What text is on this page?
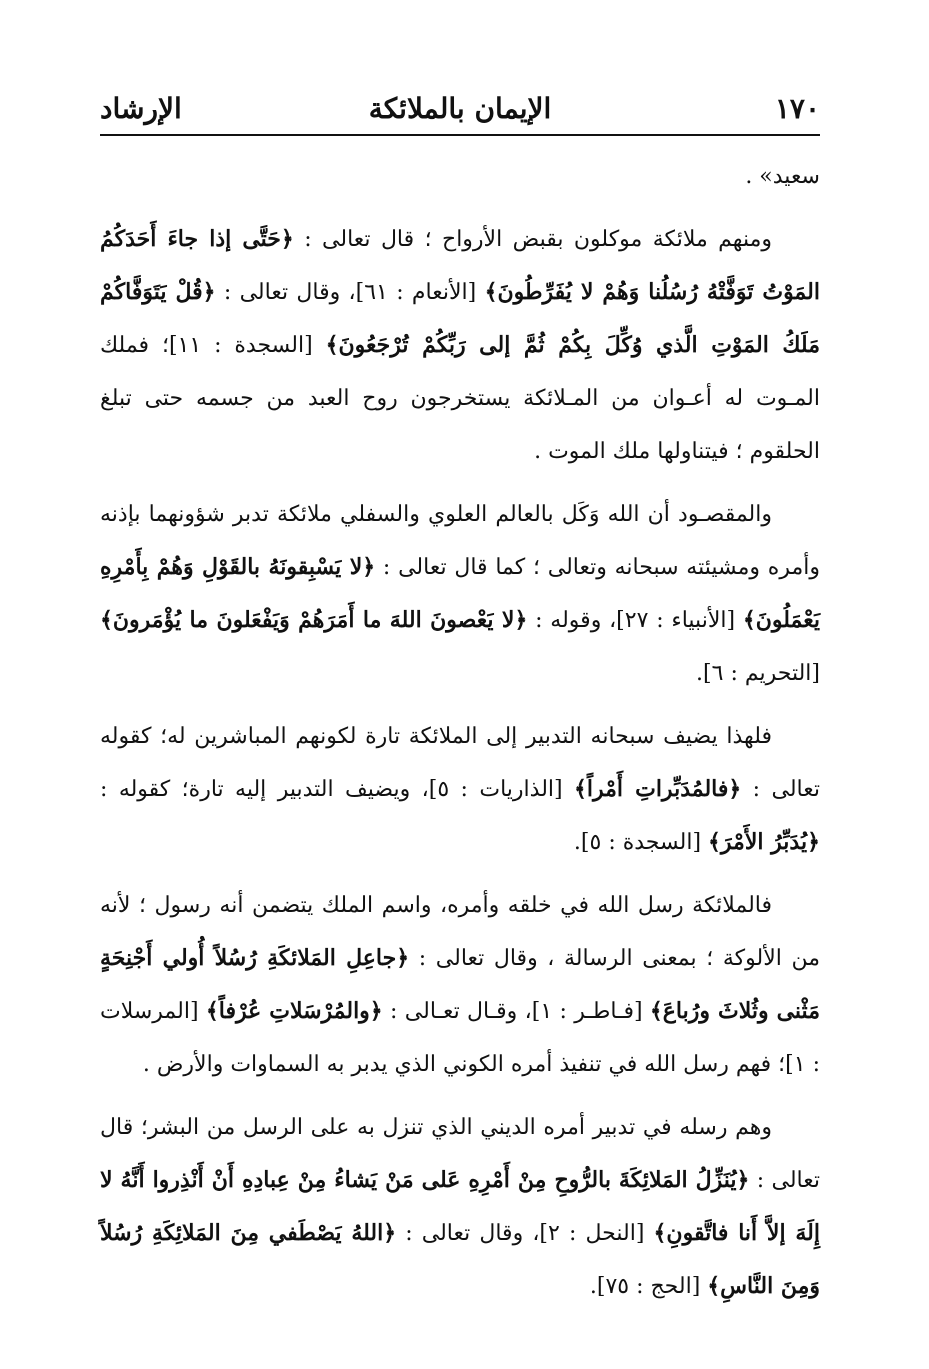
١٧٠
الإيمان بالملائكة
الإرشاد

سعيد» .

ومنهم ملائكة موكلون بقبض الأرواح ؛ قال تعالى : ﴿حَتَّى إذا جاءَ أَحَدَكُمُ المَوْتُ تَوَفَّتْهُ رُسُلُنا وَهُمْ لا يُفَرِّطُونَ﴾ [الأنعام : ٦١]، وقال تعالى : ﴿قُلْ يَتَوَفَّاكُمْ مَلَكُ المَوْتِ الَّذي وُكِّلَ بِكُمْ ثُمَّ إلى رَبِّكُمْ تُرْجَعُونَ﴾ [السجدة : ١١]؛ فملك المـوت له أعـوان من المـلائكة يستخرجون روح العبد من جسمه حتى تبلغ الحلقوم ؛ فيتناولها ملك الموت .

والمقصـود أن الله وَكَل بالعالم العلوي والسفلي ملائكة تدبر شؤونهما بإذنه وأمره ومشيئته سبحانه وتعالى ؛ كما قال تعالى : ﴿لا يَسْبِقونَهُ بالقَوْلِ وَهُمْ بِأَمْرِهِ يَعْمَلُونَ﴾ [الأنبياء : ٢٧]، وقوله : ﴿لا يَعْصونَ اللهَ ما أَمَرَهُمْ وَيَفْعَلونَ ما يُؤْمَرونَ﴾ [التحريم : ٦].

فلهذا يضيف سبحانه التدبير إلى الملائكة تارة لكونهم المباشرين له؛ كقوله تعالى : ﴿فالمُدَبِّراتِ أَمْراً﴾ [الذاريات : ٥]، ويضيف التدبير إليه تارة؛ كقوله : ﴿يُدَبِّرُ الأَمْرَ﴾ [السجدة : ٥].

فالملائكة رسل الله في خلقه وأمره، واسم الملك يتضمن أنه رسول ؛ لأنه من الألوكة ؛ بمعنى الرسالة ، وقال تعالى : ﴿جاعِلِ المَلائكَةِ رُسُلاً أُولي أَجْنِحَةٍ مَثْنى وثُلاثَ ورُباعَ﴾ [فـاطـر : ١]، وقـال تعـالى : ﴿والمُرْسَلاتِ عُرْفاً﴾ [المرسلات : ١]؛ فهم رسل الله في تنفيذ أمره الكوني الذي يدبر به السماوات والأرض .

وهم رسله في تدبير أمره الديني الذي تنزل به على الرسل من البشر؛ قال تعالى : ﴿يُنَزِّلُ المَلائِكَةَ بالرُّوحِ مِنْ أَمْرِهِ عَلى مَنْ يَشاءُ مِنْ عِبادِهِ أَنْ أَنْذِروا أَنَّهُ لا إِلَهَ إلاَّ أَنا فاتَّقونِ﴾ [النحل : ٢]، وقال تعالى : ﴿اللهُ يَصْطَفي مِنَ المَلائِكَةِ رُسُلاً وَمِنَ النَّاسِ﴾ [الحج : ٧٥].
